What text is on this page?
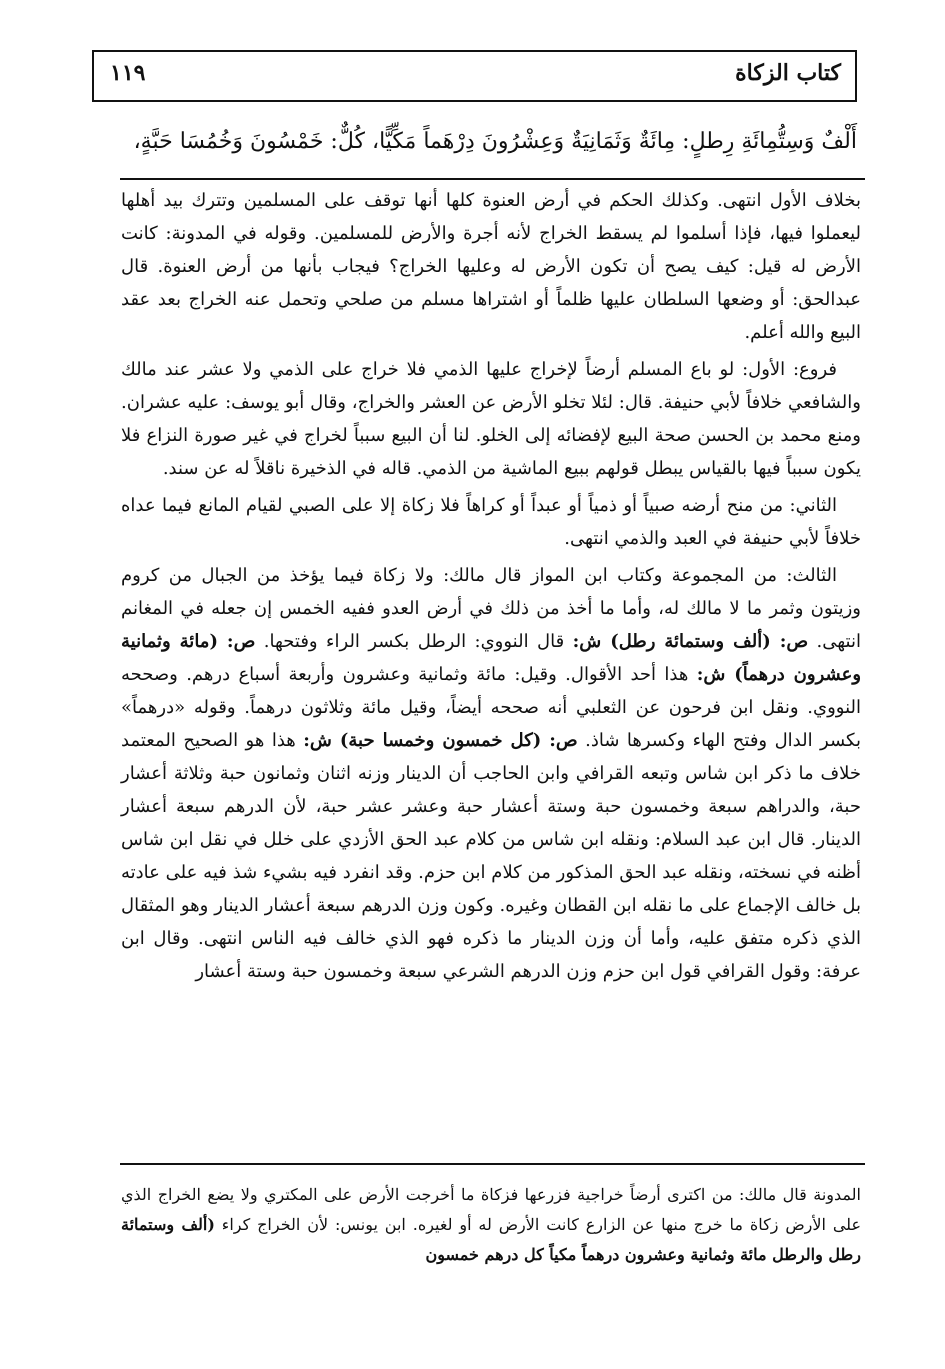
كتاب الزكاة
١١٩
أَلْفٌ وَسِتُّمِائَةِ رِطلٍ: مِائَةٌ وَثَمَانِيَةٌ وَعِشْرُونَ دِرْهَماً مَكِّيًّا، كُلٌّ: خَمْسُونَ وَخُمُسَا حَبَّةٍ،

بخلاف الأول انتهى. وكذلك الحكم في أرض العنوة كلها أنها توقف على المسلمين وتترك بيد أهلها ليعملوا فيها، فإذا أسلموا لم يسقط الخراج لأنه أجرة والأرض للمسلمين. وقوله في المدونة: كانت الأرض له قيل: كيف يصح أن تكون الأرض له وعليها الخراج؟ فيجاب بأنها من أرض العنوة. قال عبدالحق: أو وضعها السلطان عليها ظلماً أو اشتراها مسلم من صلحي وتحمل عنه الخراج بعد عقد البيع والله أعلم.

فروع: الأول: لو باع المسلم أرضاً لإخراج عليها الذمي فلا خراج على الذمي ولا عشر عند مالك والشافعي خلافاً لأبي حنيفة. قال: لئلا تخلو الأرض عن العشر والخراج، وقال أبو يوسف: عليه عشران. ومنع محمد بن الحسن صحة البيع لإفضائه إلى الخلو. لنا أن البيع سبباً لخراج في غير صورة النزاع فلا يكون سبباً فيها بالقياس يبطل قولهم ببيع الماشية من الذمي. قاله في الذخيرة ناقلاً له عن سند.

الثاني: من منح أرضه صبياً أو ذمياً أو عبداً أو كراهاً فلا زكاة إلا على الصبي لقيام المانع فيما عداه خلافاً لأبي حنيفة في العبد والذمي انتهى.

الثالث: من المجموعة وكتاب ابن المواز قال مالك: ولا زكاة فيما يؤخذ من الجبال من كروم وزيتون وثمر ما لا مالك له، وأما ما أخذ من ذلك في أرض العدو ففيه الخمس إن جعله في المغانم انتهى. ص: (ألف وستمائة رطل) ش: قال النووي: الرطل بكسر الراء وفتحها. ص: (مائة وثمانية وعشرون درهماً) ش: هذا أحد الأقوال. وقيل: مائة وثمانية وعشرون وأربعة أسباع درهم. وصححه النووي. ونقل ابن فرحون عن الثعلبي أنه صححه أيضاً، وقيل مائة وثلاثون درهماً. وقوله «درهماً» بكسر الدال وفتح الهاء وكسرها شاذ. ص: (كل خمسون وخمسا حبة) ش: هذا هو الصحيح المعتمد خلاف ما ذكر ابن شاس وتبعه القرافي وابن الحاجب أن الدينار وزنه اثنان وثمانون حبة وثلاثة أعشار حبة، والدراهم سبعة وخمسون حبة وستة أعشار حبة وعشر عشر حبة، لأن الدرهم سبعة أعشار الدينار. قال ابن عبد السلام: ونقله ابن شاس من كلام عبد الحق الأزدي على خلل في نقل ابن شاس أظنه في نسخته، ونقله عبد الحق المذكور من كلام ابن حزم. وقد انفرد فيه بشيء شذ فيه على عادته بل خالف الإجماع على ما نقله ابن القطان وغيره. وكون وزن الدرهم سبعة أعشار الدينار وهو المثقال الذي ذكره متفق عليه، وأما أن وزن الدينار ما ذكره فهو الذي خالف فيه الناس انتهى. وقال ابن عرفة: وقول القرافي قول ابن حزم وزن الدرهم الشرعي سبعة وخمسون حبة وستة أعشار

المدونة قال مالك: من اكترى أرضاً خراجية فزرعها فزكاة ما أخرجت الأرض على المكتري ولا يضع الخراج الذي على الأرض زكاة ما خرج منها عن الزارع كانت الأرض له أو لغيره. ابن يونس: لأن الخراج كراء (ألف وستمائة رطل والرطل مائة وثمانية وعشرون درهماً مكياً كل درهم خمسون
